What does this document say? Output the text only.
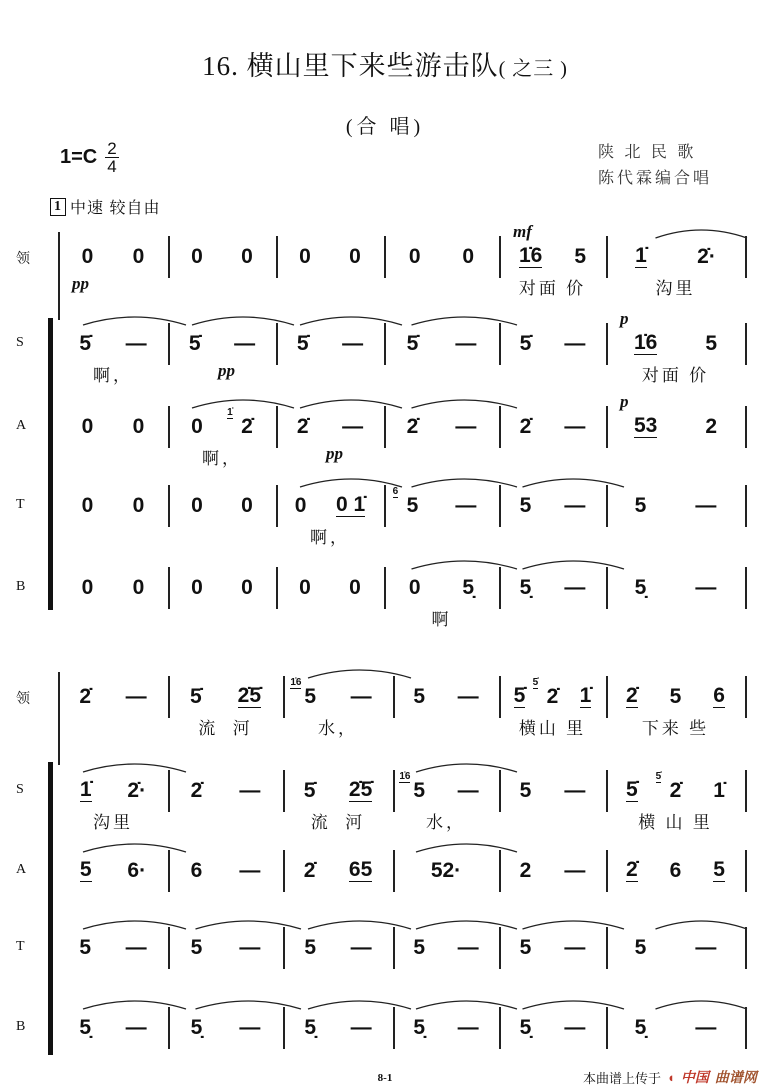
16. 横山里下来些游击队( 之三 )
(合 唱)
$1=C \frac{2}{4}$	陕 北 民 歌
陈代霖编合唱
1 中速 较自由
领 0 0 0 0 0 0 0 0 1̇6 5
对面 价
1̇ 2̇·
沟里
pp
mf
S	5̇ —
啊，
5̇ — 5̇ — 5̇ — 5̇ — 1̇6 5
对面 价
pp
p
A	0 0 0 2̇
1̇
啊，
2̇ — 2̇ — 2̇ — 53 2
pp
p
T	0 0 0 0 0 0 1̇
啊，
5
6
— 5 — 5 —
B	0 0 0 0 0 0 0 5̣
啊
5̣ — 5̣ —
领 2̇ — 5̇ 2̇5̇
流  河
5
1̇6
—
水，
5 — 5̇ 2̇
5̇
1̇
横山 里
2̇ 5 6
下来 些
S	1̇ 2̇·
沟里
2̇ — 5̇ 2̇5̇
流  河
5
1̇6
—
水，
5 — 5̇ 2̇
5̇
1̇
横 山 里
A	5 6· 6 — 2̇ 65	52·	2 — 2̇ 6 5
T	5 — 5 — 5 — 5 — 5 — 5 —
B	5̣ — 5̣ — 5̣ — 5̣ — 5̣ — 5̣ —
8-1	本曲谱上传于 ◖ 中国 曲谱网
